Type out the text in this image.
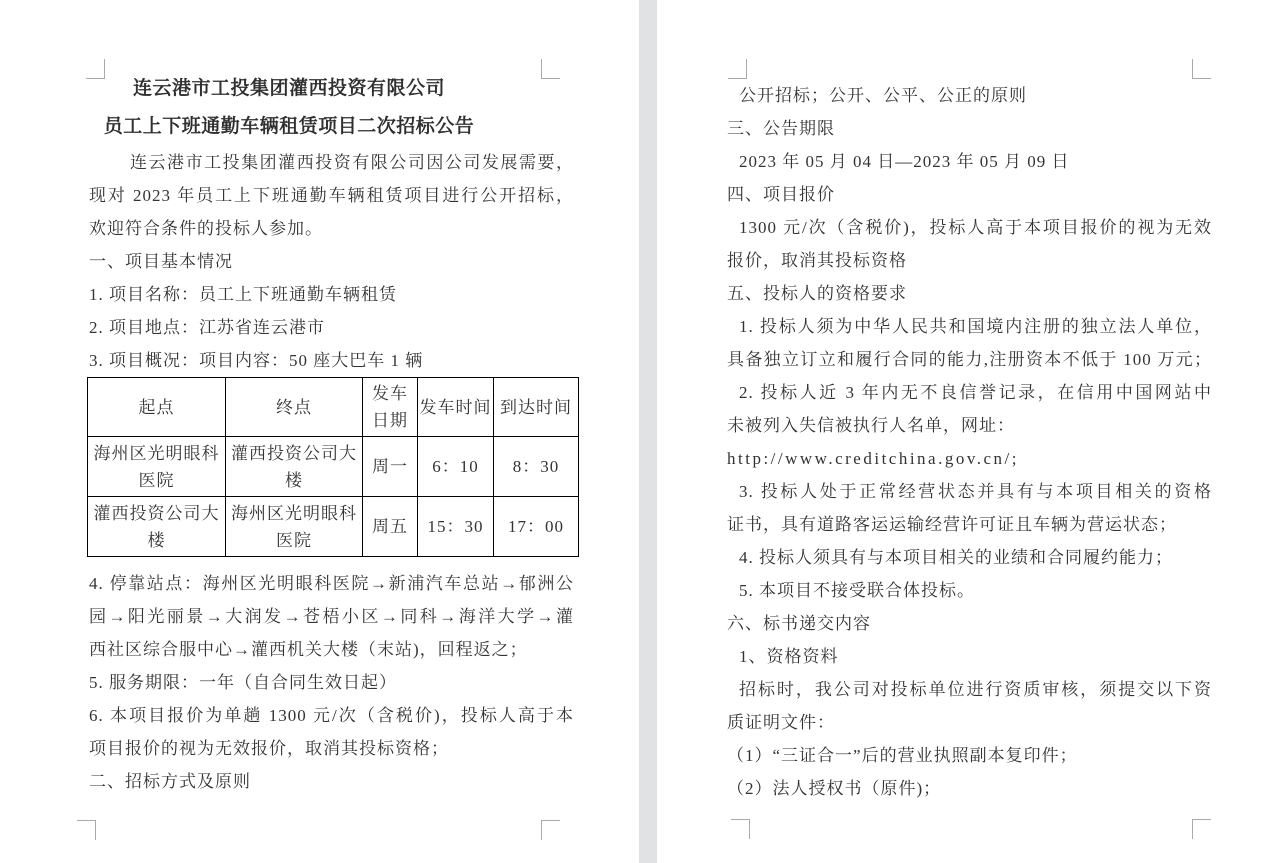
连云港市工投集团灌西投资有限公司
员工上下班通勤车辆租赁项目二次招标公告
连云港市工投集团灌西投资有限公司因公司发展需要，
现对 2023 年员工上下班通勤车辆租赁项目进行公开招标，
欢迎符合条件的投标人参加。
一、项目基本情况
1. 项目名称：员工上下班通勤车辆租赁
2. 项目地点：江苏省连云港市
3. 项目概况：项目内容：50 座大巴车 1 辆
起点	终点	发车日期	发车时间	到达时间
海州区光明眼科医院	灌西投资公司大楼	周一	6：10	8：30
灌西投资公司大楼	海州区光明眼科医院	周五	15：30	17：00
4. 停靠站点：海州区光明眼科医院→新浦汽车总站→郁洲公
园→阳光丽景→大润发→苍梧小区→同科→海洋大学→灌
西社区综合服中心→灌西机关大楼（末站)，回程返之；
5. 服务期限：一年（自合同生效日起）
6. 本项目报价为单趟 1300 元/次（含税价)，投标人高于本
项目报价的视为无效报价，取消其投标资格；
二、招标方式及原则
公开招标；公开、公平、公正的原则
三、公告期限
2023 年 05 月 04 日—2023 年 05 月 09 日
四、项目报价
1300 元/次（含税价)，投标人高于本项目报价的视为无效
报价，取消其投标资格
五、投标人的资格要求
1. 投标人须为中华人民共和国境内注册的独立法人单位，
具备独立订立和履行合同的能力,注册资本不低于 100 万元；
2. 投标人近 3 年内无不良信誉记录，在信用中国网站中
未被列入失信被执行人名单，网址：
http://www.creditchina.gov.cn/;
3. 投标人处于正常经营状态并具有与本项目相关的资格
证书，具有道路客运运输经营许可证且车辆为营运状态；
4. 投标人须具有与本项目相关的业绩和合同履约能力；
5. 本项目不接受联合体投标。
六、标书递交内容
1、资格资料
招标时，我公司对投标单位进行资质审核，须提交以下资
质证明文件：
（1）“三证合一”后的营业执照副本复印件；
（2）法人授权书（原件)；
